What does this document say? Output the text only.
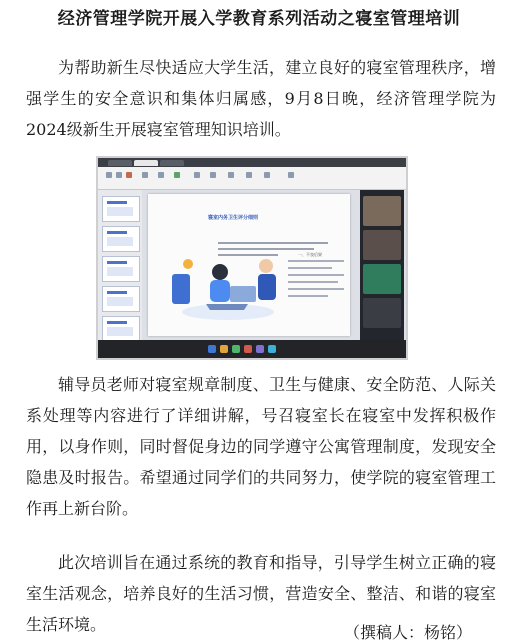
经济管理学院开展入学教育系列活动之寝室管理培训

为帮助新生尽快适应大学生活，建立良好的寝室管理秩序，增强学生的安全意识和集体归属感，9月8日晚，经济管理学院为2024级新生开展寝室管理知识培训。

寝室内务卫生评分细则
一、不良后果

辅导员老师对寝室规章制度、卫生与健康、安全防范、人际关系处理等内容进行了详细讲解，号召寝室长在寝室中发挥积极作用，以身作则，同时督促身边的同学遵守公寓管理制度，发现安全隐患及时报告。希望通过同学们的共同努力，使学院的寝室管理工作再上新台阶。

此次培训旨在通过系统的教育和指导，引导学生树立正确的寝室生活观念，培养良好的生活习惯，营造安全、整洁、和谐的寝室生活环境。	（撰稿人：杨铭）
